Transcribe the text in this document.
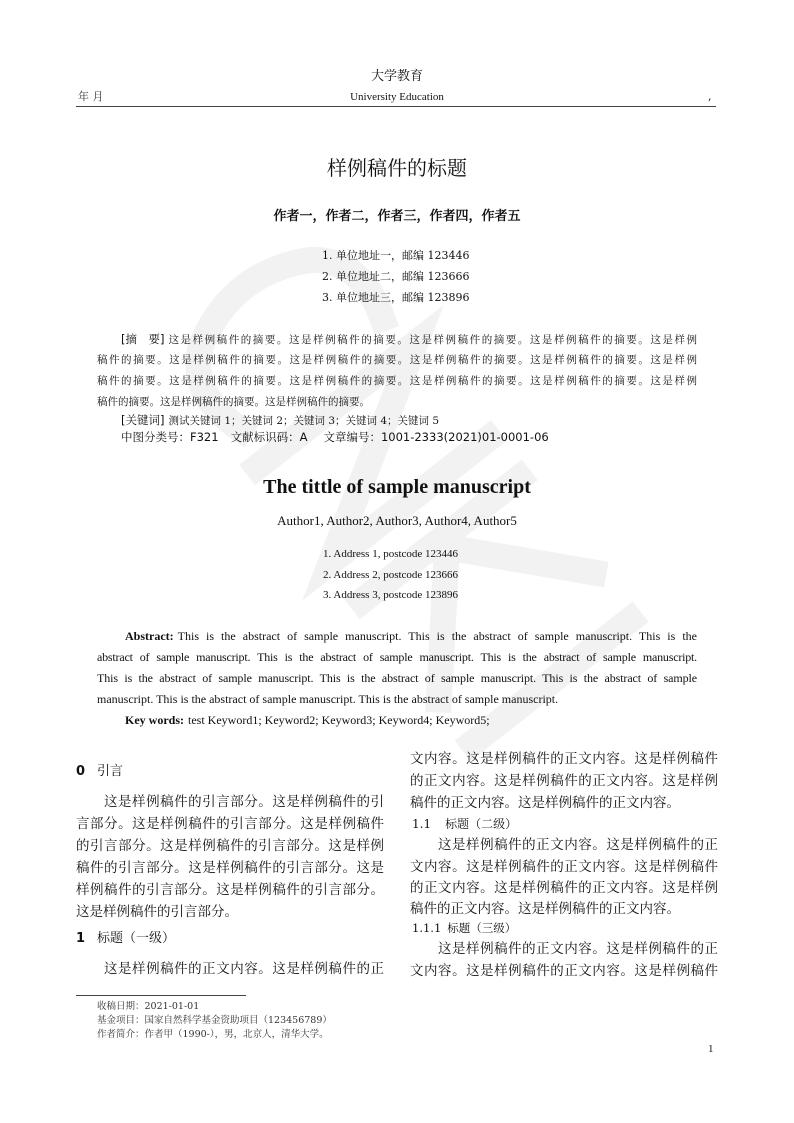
大学教育
年 月	University Education	,
样例稿件的标题
作者一，作者二，作者三，作者四，作者五
1. 单位地址一，邮编 123446
2. 单位地址二，邮编 123666
3. 单位地址三，邮编 123896
[摘　要] 这是样例稿件的摘要。这是样例稿件的摘要。这是样例稿件的摘要。这是样例稿件的摘要。这是样例
稿件的摘要。这是样例稿件的摘要。这是样例稿件的摘要。这是样例稿件的摘要。这是样例稿件的摘要。这是样例
稿件的摘要。这是样例稿件的摘要。这是样例稿件的摘要。这是样例稿件的摘要。这是样例稿件的摘要。这是样例
稿件的摘要。这是样例稿件的摘要。这是样例稿件的摘要。
[关键词] 测试关键词 1；关键词 2；关键词 3；关键词 4；关键词 5
中图分类号：F321 文献标识码：A 文章编号：1001-2333(2021)01-0001-06
The tittle of sample manuscript
Author1, Author2, Author3, Author4, Author5
1. Address 1, postcode 123446
2. Address 2, postcode 123666
3. Address 3, postcode 123896
Abstract: This is the abstract of sample manuscript. This is the abstract of sample manuscript. This is the
abstract of sample manuscript. This is the abstract of sample manuscript. This is the abstract of sample manuscript.
This is the abstract of sample manuscript. This is the abstract of sample manuscript. This is the abstract of sample
manuscript. This is the abstract of sample manuscript. This is the abstract of sample manuscript.
Key words: test Keyword1; Keyword2; Keyword3; Keyword4; Keyword5;
0 引言
这是样例稿件的引言部分。这是样例稿件的引
言部分。这是样例稿件的引言部分。这是样例稿件
的引言部分。这是样例稿件的引言部分。这是样例
稿件的引言部分。这是样例稿件的引言部分。这是
样例稿件的引言部分。这是样例稿件的引言部分。
这是样例稿件的引言部分。
1 标题（一级）
这是样例稿件的正文内容。这是样例稿件的正
文内容。这是样例稿件的正文内容。这是样例稿件
的正文内容。这是样例稿件的正文内容。这是样例
稿件的正文内容。这是样例稿件的正文内容。
1.1 标题（二级）
这是样例稿件的正文内容。这是样例稿件的正
文内容。这是样例稿件的正文内容。这是样例稿件
的正文内容。这是样例稿件的正文内容。这是样例
稿件的正文内容。这是样例稿件的正文内容。
1.1.1 标题（三级）
这是样例稿件的正文内容。这是样例稿件的正
文内容。这是样例稿件的正文内容。这是样例稿件
收稿日期：2021-01-01
基金项目：国家自然科学基金资助项目（123456789）
作者简介：作者甲（1990-），男，北京人，清华大学。
1
